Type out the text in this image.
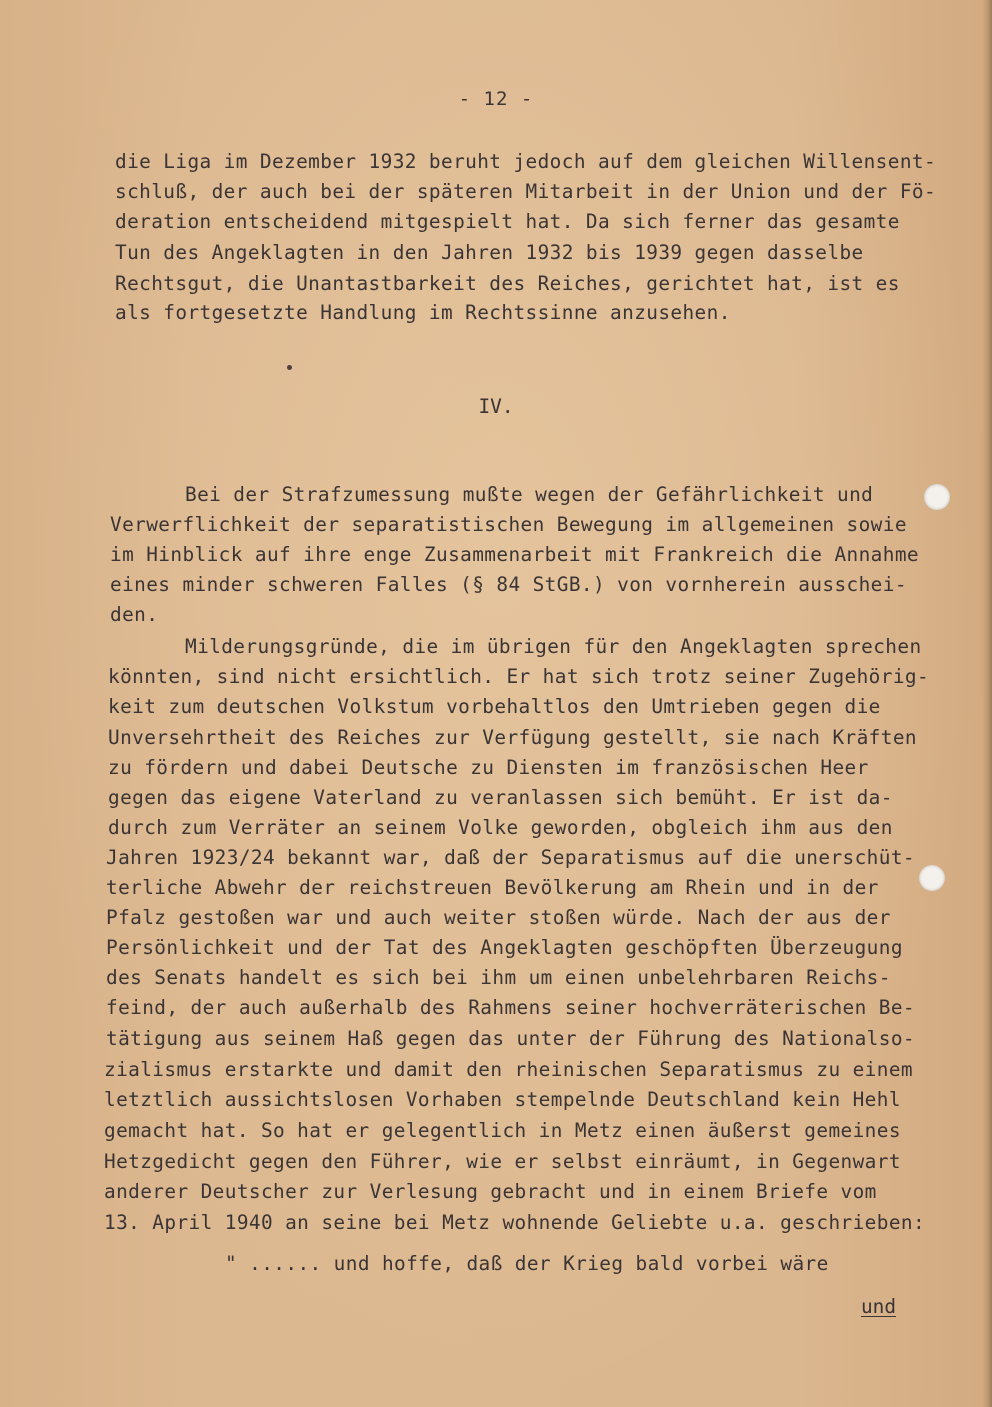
- 12 -
die Liga im Dezember 1932 beruht jedoch auf dem gleichen Willensent-
schluß, der auch bei der späteren Mitarbeit in der Union und der Fö-
deration entscheidend mitgespielt hat. Da sich ferner das gesamte
Tun des Angeklagten in den Jahren 1932 bis 1939 gegen dasselbe
Rechtsgut, die Unantastbarkeit des Reiches, gerichtet hat, ist es
als fortgesetzte Handlung im Rechtssinne anzusehen.
IV.
Bei der Strafzumessung mußte wegen der Gefährlichkeit und
Verwerflichkeit der separatistischen Bewegung im allgemeinen sowie
im Hinblick auf ihre enge Zusammenarbeit mit Frankreich die Annahme
eines minder schweren Falles (§ 84 StGB.) von vornherein ausschei-
den.
Milderungsgründe, die im übrigen für den Angeklagten sprechen
könnten, sind nicht ersichtlich. Er hat sich trotz seiner Zugehörig-
keit zum deutschen Volkstum vorbehaltlos den Umtrieben gegen die
Unversehrtheit des Reiches zur Verfügung gestellt, sie nach Kräften
zu fördern und dabei Deutsche zu Diensten im französischen Heer
gegen das eigene Vaterland zu veranlassen sich bemüht. Er ist da-
durch zum Verräter an seinem Volke geworden, obgleich ihm aus den
Jahren 1923/24 bekannt war, daß der Separatismus auf die unerschüt-
terliche Abwehr der reichstreuen Bevölkerung am Rhein und in der
Pfalz gestoßen war und auch weiter stoßen würde. Nach der aus der
Persönlichkeit und der Tat des Angeklagten geschöpften Überzeugung
des Senats handelt es sich bei ihm um einen unbelehrbaren Reichs-
feind, der auch außerhalb des Rahmens seiner hochverräterischen Be-
tätigung aus seinem Haß gegen das unter der Führung des Nationalso-
zialismus erstarkte und damit den rheinischen Separatismus zu einem
letztlich aussichtslosen Vorhaben stempelnde Deutschland kein Hehl
gemacht hat. So hat er gelegentlich in Metz einen äußerst gemeines
Hetzgedicht gegen den Führer, wie er selbst einräumt, in Gegenwart
anderer Deutscher zur Verlesung gebracht und in einem Briefe vom
13. April 1940 an seine bei Metz wohnende Geliebte u.a. geschrieben:
" ...... und hoffe, daß der Krieg bald vorbei wäre
und
